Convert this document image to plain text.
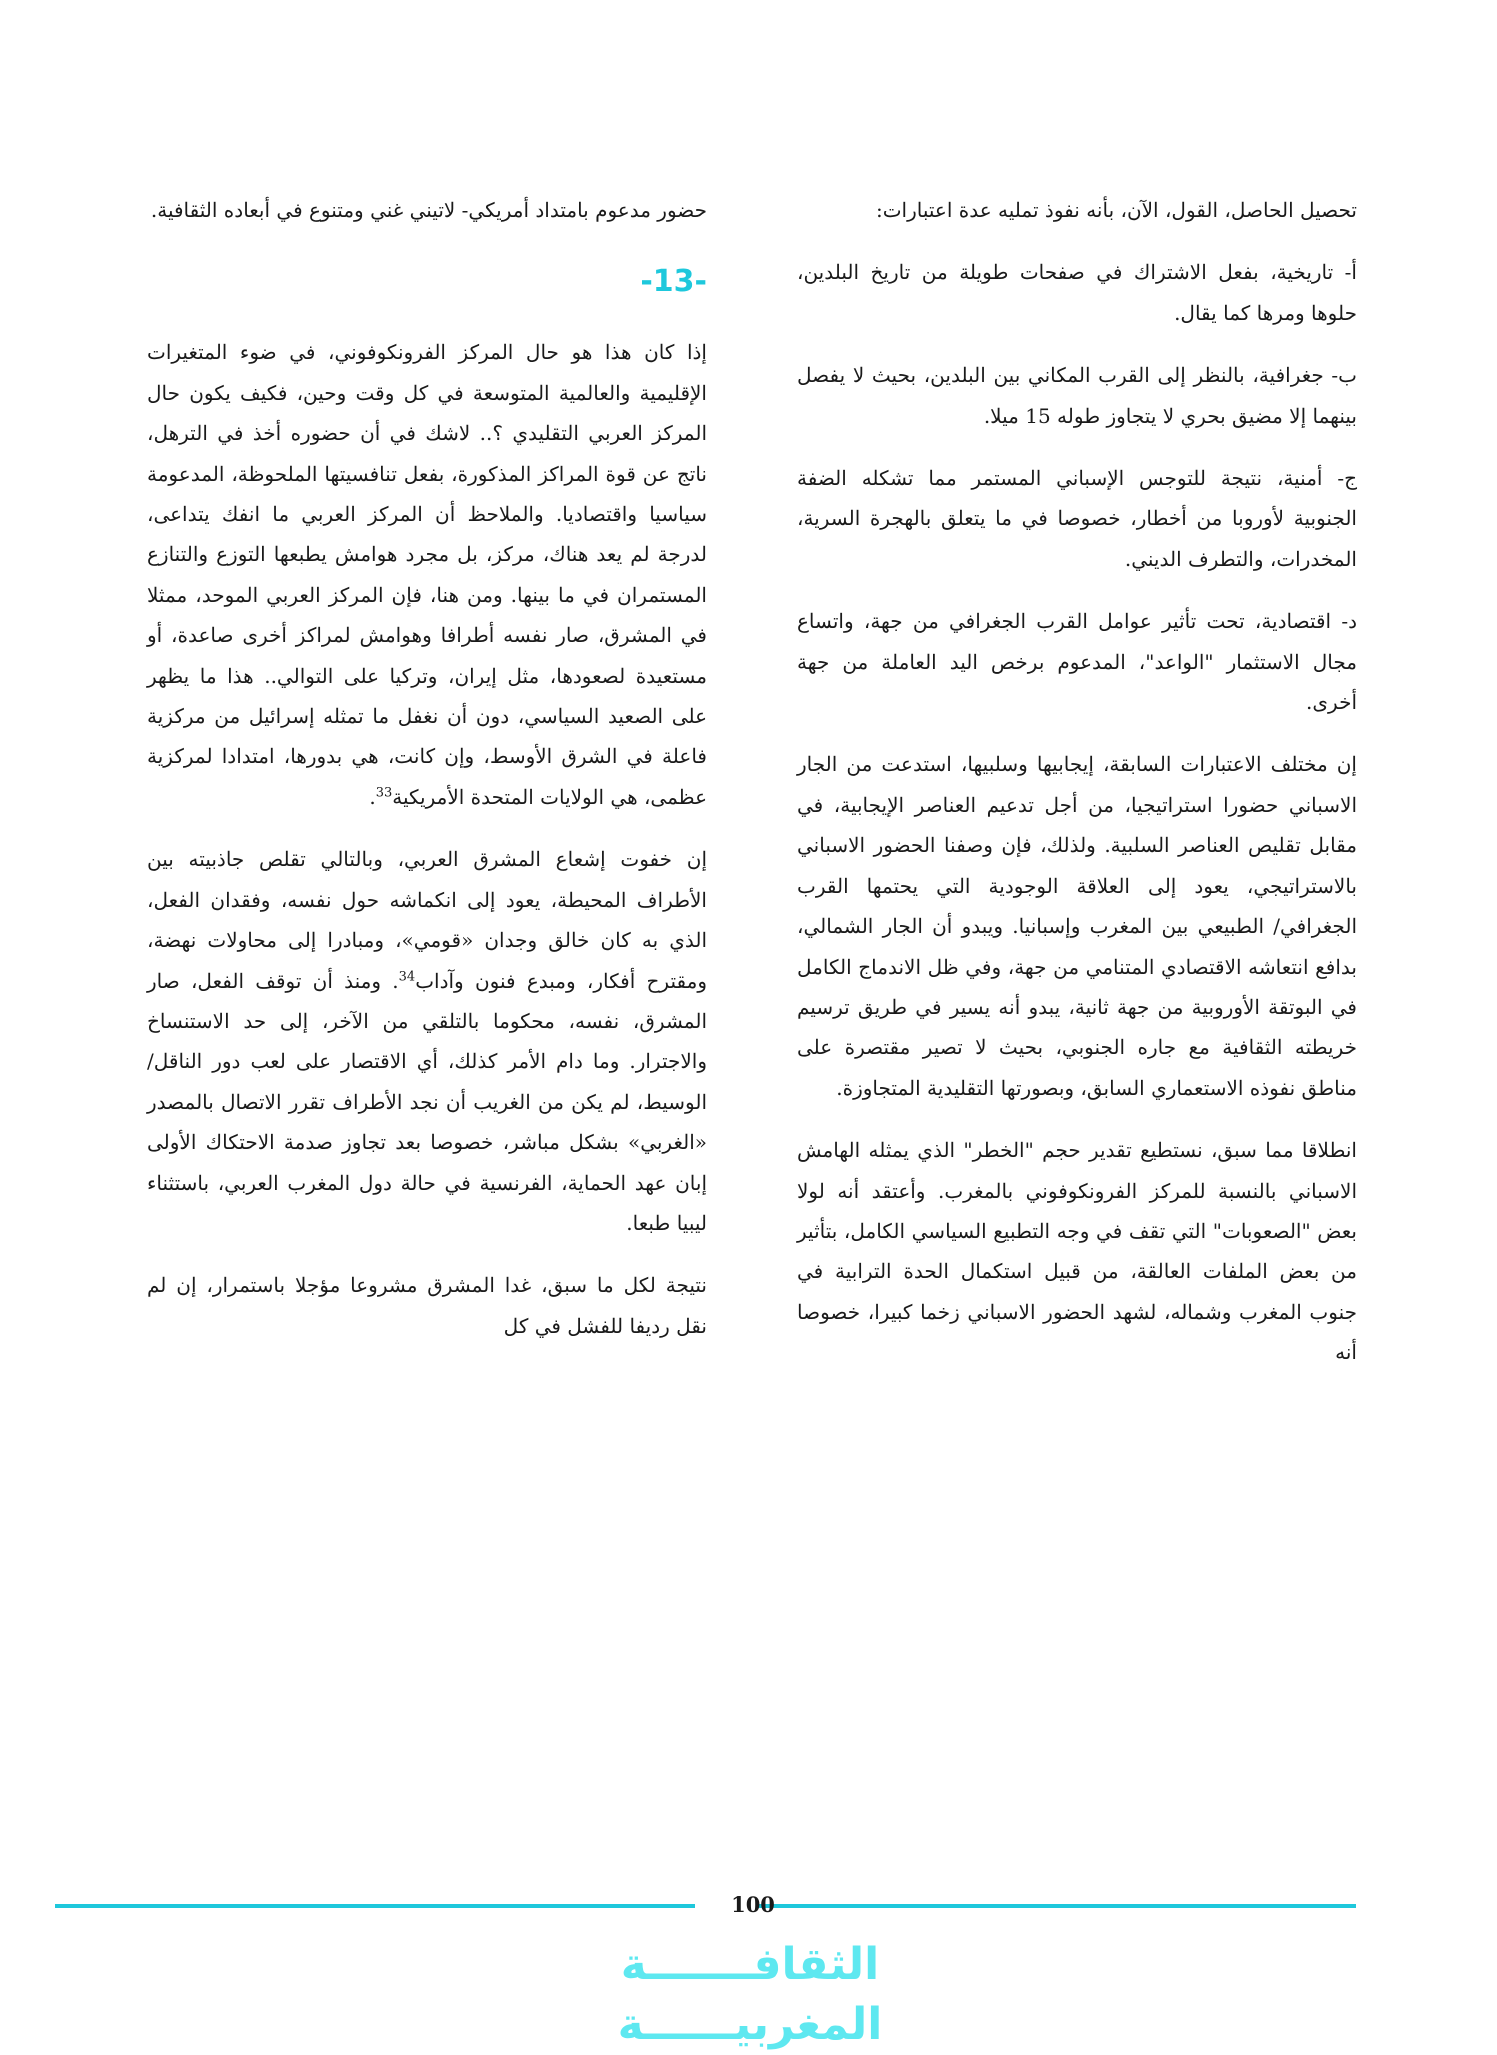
تحصيل الحاصل، القول، الآن، بأنه نفوذ تمليه عدة اعتبارات:

أ- تاريخية، بفعل الاشتراك في صفحات طويلة من تاريخ البلدين، حلوها ومرها كما يقال.

ب- جغرافية، بالنظر إلى القرب المكاني بين البلدين، بحيث لا يفصل بينهما إلا مضيق بحري لا يتجاوز طوله 15 ميلا.

ج- أمنية، نتيجة للتوجس الإسباني المستمر مما تشكله الضفة الجنوبية لأوروبا من أخطار، خصوصا في ما يتعلق بالهجرة السرية، المخدرات، والتطرف الديني.

د- اقتصادية، تحت تأثير عوامل القرب الجغرافي من جهة، واتساع مجال الاستثمار "الواعد"، المدعوم برخص اليد العاملة من جهة أخرى.

إن مختلف الاعتبارات السابقة، إيجابيها وسلبيها، استدعت من الجار الاسباني حضورا استراتيجيا، من أجل تدعيم العناصر الإيجابية، في مقابل تقليص العناصر السلبية. ولذلك، فإن وصفنا الحضور الاسباني بالاستراتيجي، يعود إلى العلاقة الوجودية التي يحتمها القرب الجغرافي/ الطبيعي بين المغرب وإسبانيا. ويبدو أن الجار الشمالي، بدافع انتعاشه الاقتصادي المتنامي من جهة، وفي ظل الاندماج الكامل في البوتقة الأوروبية من جهة ثانية، يبدو أنه يسير في طريق ترسيم خريطته الثقافية مع جاره الجنوبي، بحيث لا تصير مقتصرة على مناطق نفوذه الاستعماري السابق، وبصورتها التقليدية المتجاوزة.

انطلاقا مما سبق، نستطيع تقدير حجم "الخطر" الذي يمثله الهامش الاسباني بالنسبة للمركز الفرونكوفوني بالمغرب. وأعتقد أنه لولا بعض "الصعوبات" التي تقف في وجه التطبيع السياسي الكامل، بتأثير من بعض الملفات العالقة، من قبيل استكمال الحدة الترابية في جنوب المغرب وشماله، لشهد الحضور الاسباني زخما كبيرا، خصوصا أنه

حضور مدعوم بامتداد أمريكي- لاتيني غني ومتنوع في أبعاده الثقافية.

-13-

إذا كان هذا هو حال المركز الفرونكوفوني، في ضوء المتغيرات الإقليمية والعالمية المتوسعة في كل وقت وحين، فكيف يكون حال المركز العربي التقليدي ؟.. لاشك في أن حضوره أخذ في الترهل، ناتج عن قوة المراكز المذكورة، بفعل تنافسيتها الملحوظة، المدعومة سياسيا واقتصاديا. والملاحظ أن المركز العربي ما انفك يتداعى، لدرجة لم يعد هناك، مركز، بل مجرد هوامش يطبعها التوزع والتنازع المستمران في ما بينها. ومن هنا، فإن المركز العربي الموحد، ممثلا في المشرق، صار نفسه أطرافا وهوامش لمراكز أخرى صاعدة، أو مستعيدة لصعودها، مثل إيران، وتركيا على التوالي.. هذا ما يظهر على الصعيد السياسي، دون أن نغفل ما تمثله إسرائيل من مركزية فاعلة في الشرق الأوسط، وإن كانت، هي بدورها، امتدادا لمركزية عظمى، هي الولايات المتحدة الأمريكية$^{33}$.

إن خفوت إشعاع المشرق العربي، وبالتالي تقلص جاذبيته بين الأطراف المحيطة، يعود إلى انكماشه حول نفسه، وفقدان الفعل، الذي به كان خالق وجدان «قومي»، ومبادرا إلى محاولات نهضة، ومقترح أفكار، ومبدع فنون وآداب$^{34}$. ومنذ أن توقف الفعل، صار المشرق، نفسه، محكوما بالتلقي من الآخر، إلى حد الاستنساخ والاجترار. وما دام الأمر كذلك، أي الاقتصار على لعب دور الناقل/ الوسيط، لم يكن من الغريب أن نجد الأطراف تقرر الاتصال بالمصدر «الغربي» بشكل مباشر، خصوصا بعد تجاوز صدمة الاحتكاك الأولى إبان عهد الحماية، الفرنسية في حالة دول المغرب العربي، باستثناء ليبيا طبعا.

نتيجة لكل ما سبق، غدا المشرق مشروعا مؤجلا باستمرار، إن لم نقل رديفا للفشل في كل

100
الثقافـــــــة المغربيــــــة
